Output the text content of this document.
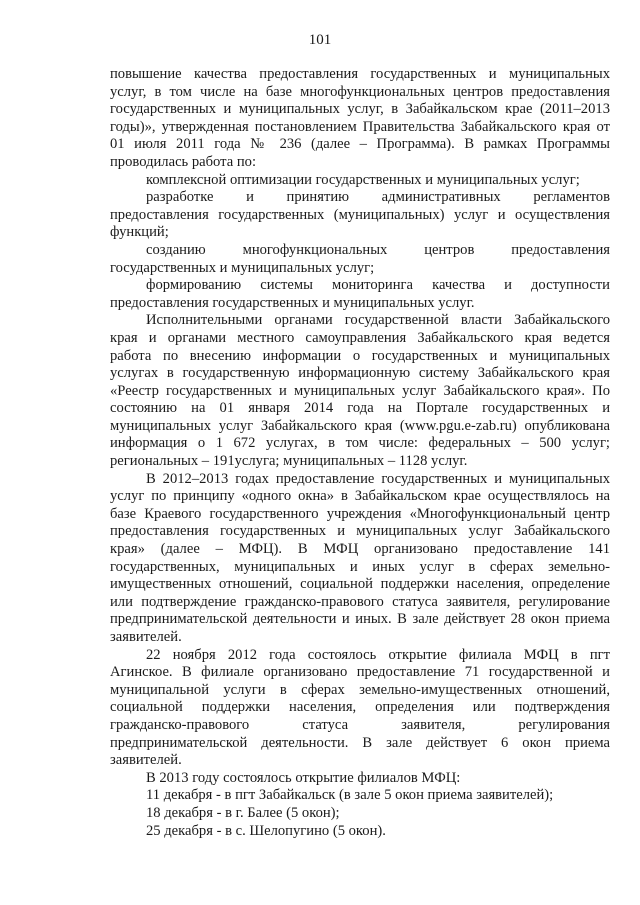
101
повышение качества предоставления государственных и муниципальных
услуг, в том числе на базе многофункциональных центров предоставления
государственных и муниципальных услуг, в Забайкальском крае (2011–2013
годы)», утвержденная постановлением Правительства Забайкальского края от
01 июля 2011 года № 236 (далее – Программа). В рамках Программы
проводилась работа по:
комплексной оптимизации государственных и муниципальных услуг;
разработке и принятию административных регламентов
предоставления государственных (муниципальных) услуг и осуществления
функций;
созданию многофункциональных центров предоставления
государственных и муниципальных услуг;
формированию системы мониторинга качества и доступности
предоставления государственных и муниципальных услуг.
Исполнительными органами государственной власти Забайкальского
края и органами местного самоуправления Забайкальского края ведется
работа по внесению информации о государственных и муниципальных
услугах в государственную информационную систему Забайкальского края
«Реестр государственных и муниципальных услуг Забайкальского края». По
состоянию на 01 января 2014 года на Портале государственных и
муниципальных услуг Забайкальского края (www.pgu.e-zab.ru) опубликована
информация о 1 672 услугах, в том числе: федеральных – 500 услуг;
региональных – 191услуга; муниципальных – 1128 услуг.
В 2012–2013 годах предоставление государственных и муниципальных
услуг по принципу «одного окна» в Забайкальском крае осуществлялось на
базе Краевого государственного учреждения «Многофункциональный центр
предоставления государственных и муниципальных услуг Забайкальского
края» (далее – МФЦ). В МФЦ организовано предоставление 141
государственных, муниципальных и иных услуг в сферах земельно-
имущественных отношений, социальной поддержки населения, определение
или подтверждение гражданско-правового статуса заявителя, регулирование
предпринимательской деятельности и иных. В зале действует 28 окон приема
заявителей.
22 ноября 2012 года состоялось открытие филиала МФЦ в пгт
Агинское. В филиале организовано предоставление 71 государственной и
муниципальной услуги в сферах земельно-имущественных отношений,
социальной поддержки населения, определения или подтверждения
гражданско-правового статуса заявителя, регулирования
предпринимательской деятельности. В зале действует 6 окон приема
заявителей.
В 2013 году состоялось открытие филиалов МФЦ:
11 декабря - в пгт Забайкальск (в зале 5 окон приема заявителей);
18 декабря - в г. Балее (5 окон);
25 декабря - в с. Шелопугино (5 окон).
